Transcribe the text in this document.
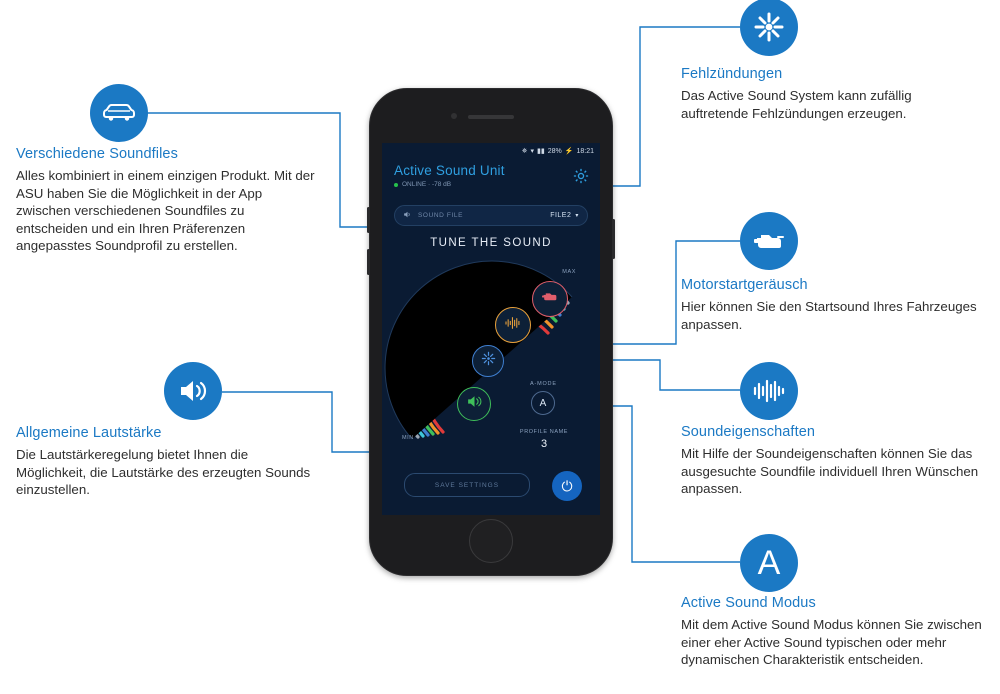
A
Verschiedene Soundfiles

Alles kombiniert in einem einzigen Produkt. Mit der ASU haben Sie die Möglichkeit in der App zwischen verschiedenen Soundfiles zu entscheiden und ein Ihren Präferenzen angepasstes Soundprofil zu erstellen.

Allgemeine Lautstärke

Die Lautstärkeregelung bietet Ihnen die Möglichkeit, die Lautstärke des erzeugten Sounds einzustellen.

Fehlzündungen

Das Active Sound System kann zufällig auftretende Fehlzündungen erzeugen.

Motorstartgeräusch

Hier können Sie den Startsound Ihres Fahrzeuges anpassen.

Soundeigenschaften

Mit Hilfe der Soundeigenschaften können Sie das ausgesuchte Soundfile individuell Ihren Wünschen anpassen.

Active Sound Modus

Mit dem Active Sound Modus können Sie zwischen einer eher Active Sound typischen oder mehr dynamischen Charakteristik entscheiden.

✵ ▾ ▮▮ 28% ⚡ 18:21
Active Sound Unit
ONLINE · -78 dB
SOUND FILE	FILE2 ▾
TUNE THE SOUND
MAX
MIN
A-MODE
A
PROFILE NAME
3
SAVE SETTINGS	⏻
